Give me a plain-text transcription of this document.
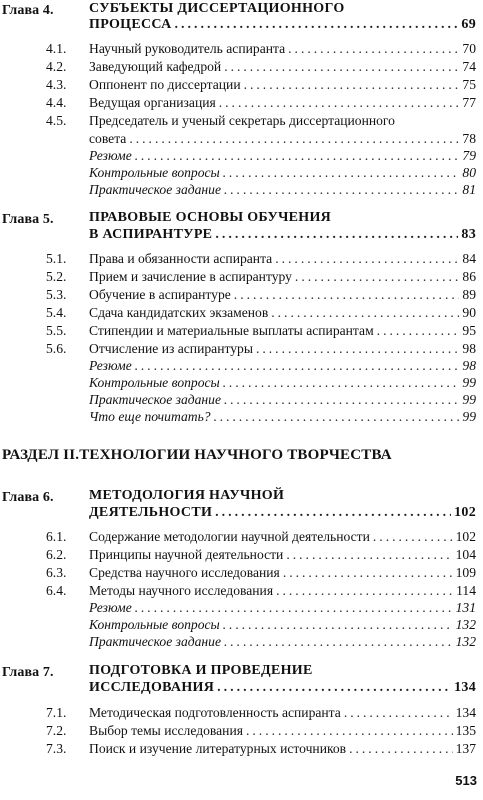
Глава 4.	СУБЪЕКТЫ ДИССЕРТАЦИОННОГО
ПРОЦЕССА .....	69
4.1.	Научный руководитель аспиранта .....	70
4.2.	Заведующий кафедрой .....	74
4.3.	Оппонент по диссертации .....	75
4.4.	Ведущая организация .....	77
4.5.	Председатель и ученый секретарь диссертационного
совета .....	78
Резюме .....	79
Контрольные вопросы .....	80
Практическое задание .....	81
Глава 5.	ПРАВОВЫЕ ОСНОВЫ ОБУЧЕНИЯ
В АСПИРАНТУРЕ .....	83
5.1.	Права и обязанности аспиранта .....	84
5.2.	Прием и зачисление в аспирантуру .....	86
5.3.	Обучение в аспирантуре .....	89
5.4.	Сдача кандидатских экзаменов .....	90
5.5.	Стипендии и материальные выплаты аспирантам .....	95
5.6.	Отчисление из аспирантуры .....	98
Резюме .....	98
Контрольные вопросы .....	99
Практическое задание .....	99
Что еще почитать? .....	99
РАЗДЕЛ II.ТЕХНОЛОГИИ НАУЧНОГО ТВОРЧЕСТВА
Глава 6.	МЕТОДОЛОГИЯ НАУЧНОЙ
ДЕЯТЕЛЬНОСТИ .....	102
6.1.	Содержание методологии научной деятельности .....	102
6.2.	Принципы научной деятельности .....	104
6.3.	Средства научного исследования .....	109
6.4.	Методы научного исследования .....	114
Резюме .....	131
Контрольные вопросы .....	132
Практическое задание .....	132
Глава 7.	ПОДГОТОВКА И ПРОВЕДЕНИЕ
ИССЛЕДОВАНИЯ .....	134
7.1.	Методическая подготовленность аспиранта .....	134
7.2.	Выбор темы исследования .....	135
7.3.	Поиск и изучение литературных источников .....	137
513
